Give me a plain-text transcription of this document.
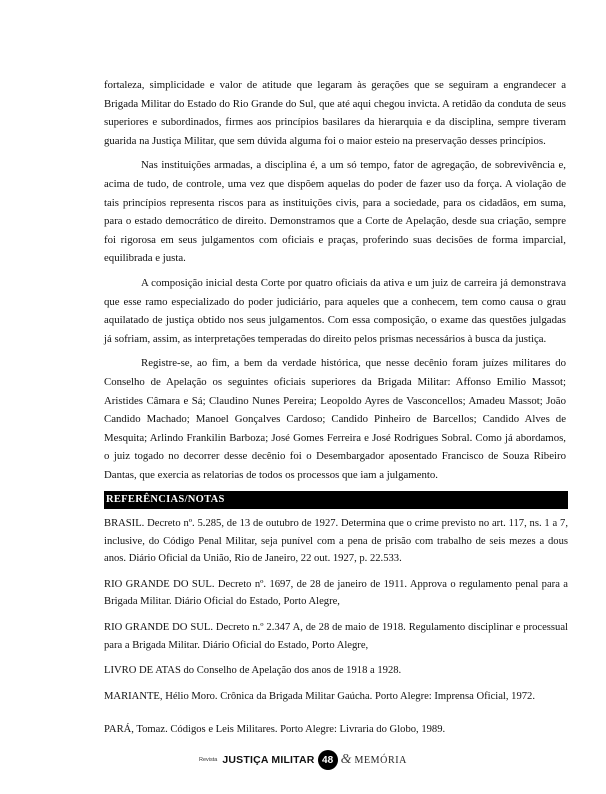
fortaleza, simplicidade e valor de atitude que legaram às gerações que se seguiram a engrandecer a Brigada Militar do Estado do Rio Grande do Sul, que até aqui chegou invicta. A retidão da conduta de seus superiores e subordinados, firmes aos princípios basilares da hierarquia e da disciplina, sempre tiveram guarida na Justiça Militar, que sem dúvida alguma foi o maior esteio na preservação desses princípios.

Nas instituições armadas, a disciplina é, a um só tempo, fator de agregação, de sobrevivência e, acima de tudo, de controle, uma vez que dispõem aquelas do poder de fazer uso da força. A violação de tais princípios representa riscos para as instituições civis, para a sociedade, para os cidadãos, em suma, para o estado democrático de direito. Demonstramos que a Corte de Apelação, desde sua criação, sempre foi rigorosa em seus julgamentos com oficiais e praças, proferindo suas decisões de forma imparcial, equilibrada e justa.

A composição inicial desta Corte por quatro oficiais da ativa e um juiz de carreira já demonstrava que esse ramo especializado do poder judiciário, para aqueles que a conhecem, tem como causa o grau aquilatado de justiça obtido nos seus julgamentos. Com essa composição, o exame das questões julgadas já sofriam, assim, as interpretações temperadas do direito pelos prismas necessários à busca da justiça.

Registre-se, ao fim, a bem da verdade histórica, que nesse decênio foram juízes militares do Conselho de Apelação os seguintes oficiais superiores da Brigada Militar: Affonso Emilio Massot; Aristides Câmara e Sá; Claudino Nunes Pereira; Leopoldo Ayres de Vasconcellos; Amadeu Massot; João Candido Machado; Manoel Gonçalves Cardoso; Candido Pinheiro de Barcellos; Candido Alves de Mesquita; Arlindo Frankilin Barboza; José Gomes Ferreira e José Rodrigues Sobral. Como já abordamos, o juiz togado no decorrer desse decênio foi o Desembargador aposentado Francisco de Souza Ribeiro Dantas, que exercia as relatorias de todos os processos que iam a julgamento.

REFERÊNCIAS/NOTAS

BRASIL. Decreto nº. 5.285, de 13 de outubro de 1927. Determina que o crime previsto no art. 117, ns. 1 a 7, inclusive, do Código Penal Militar, seja punível com a pena de prisão com trabalho de seis mezes a dous anos. Diário Oficial da União, Rio de Janeiro, 22 out. 1927, p. 22.533.

RIO GRANDE DO SUL. Decreto nº. 1697, de 28 de janeiro de 1911. Approva o regulamento penal para a Brigada Militar. Diário Oficial do Estado, Porto Alegre,

RIO GRANDE DO SUL. Decreto n.º 2.347 A, de 28 de maio de 1918. Regulamento disciplinar e processual para a Brigada Militar. Diário Oficial do Estado, Porto Alegre,

LIVRO DE ATAS do Conselho de Apelação dos anos de 1918 a 1928.

MARIANTE, Hélio Moro. Crônica da Brigada Militar Gaúcha. Porto Alegre: Imprensa Oficial, 1972.

PARÁ, Tomaz. Códigos e Leis Militares. Porto Alegre: Livraria do Globo, 1989.

Revista JUSTIÇA MILITAR 48 & MEMÓRIA
